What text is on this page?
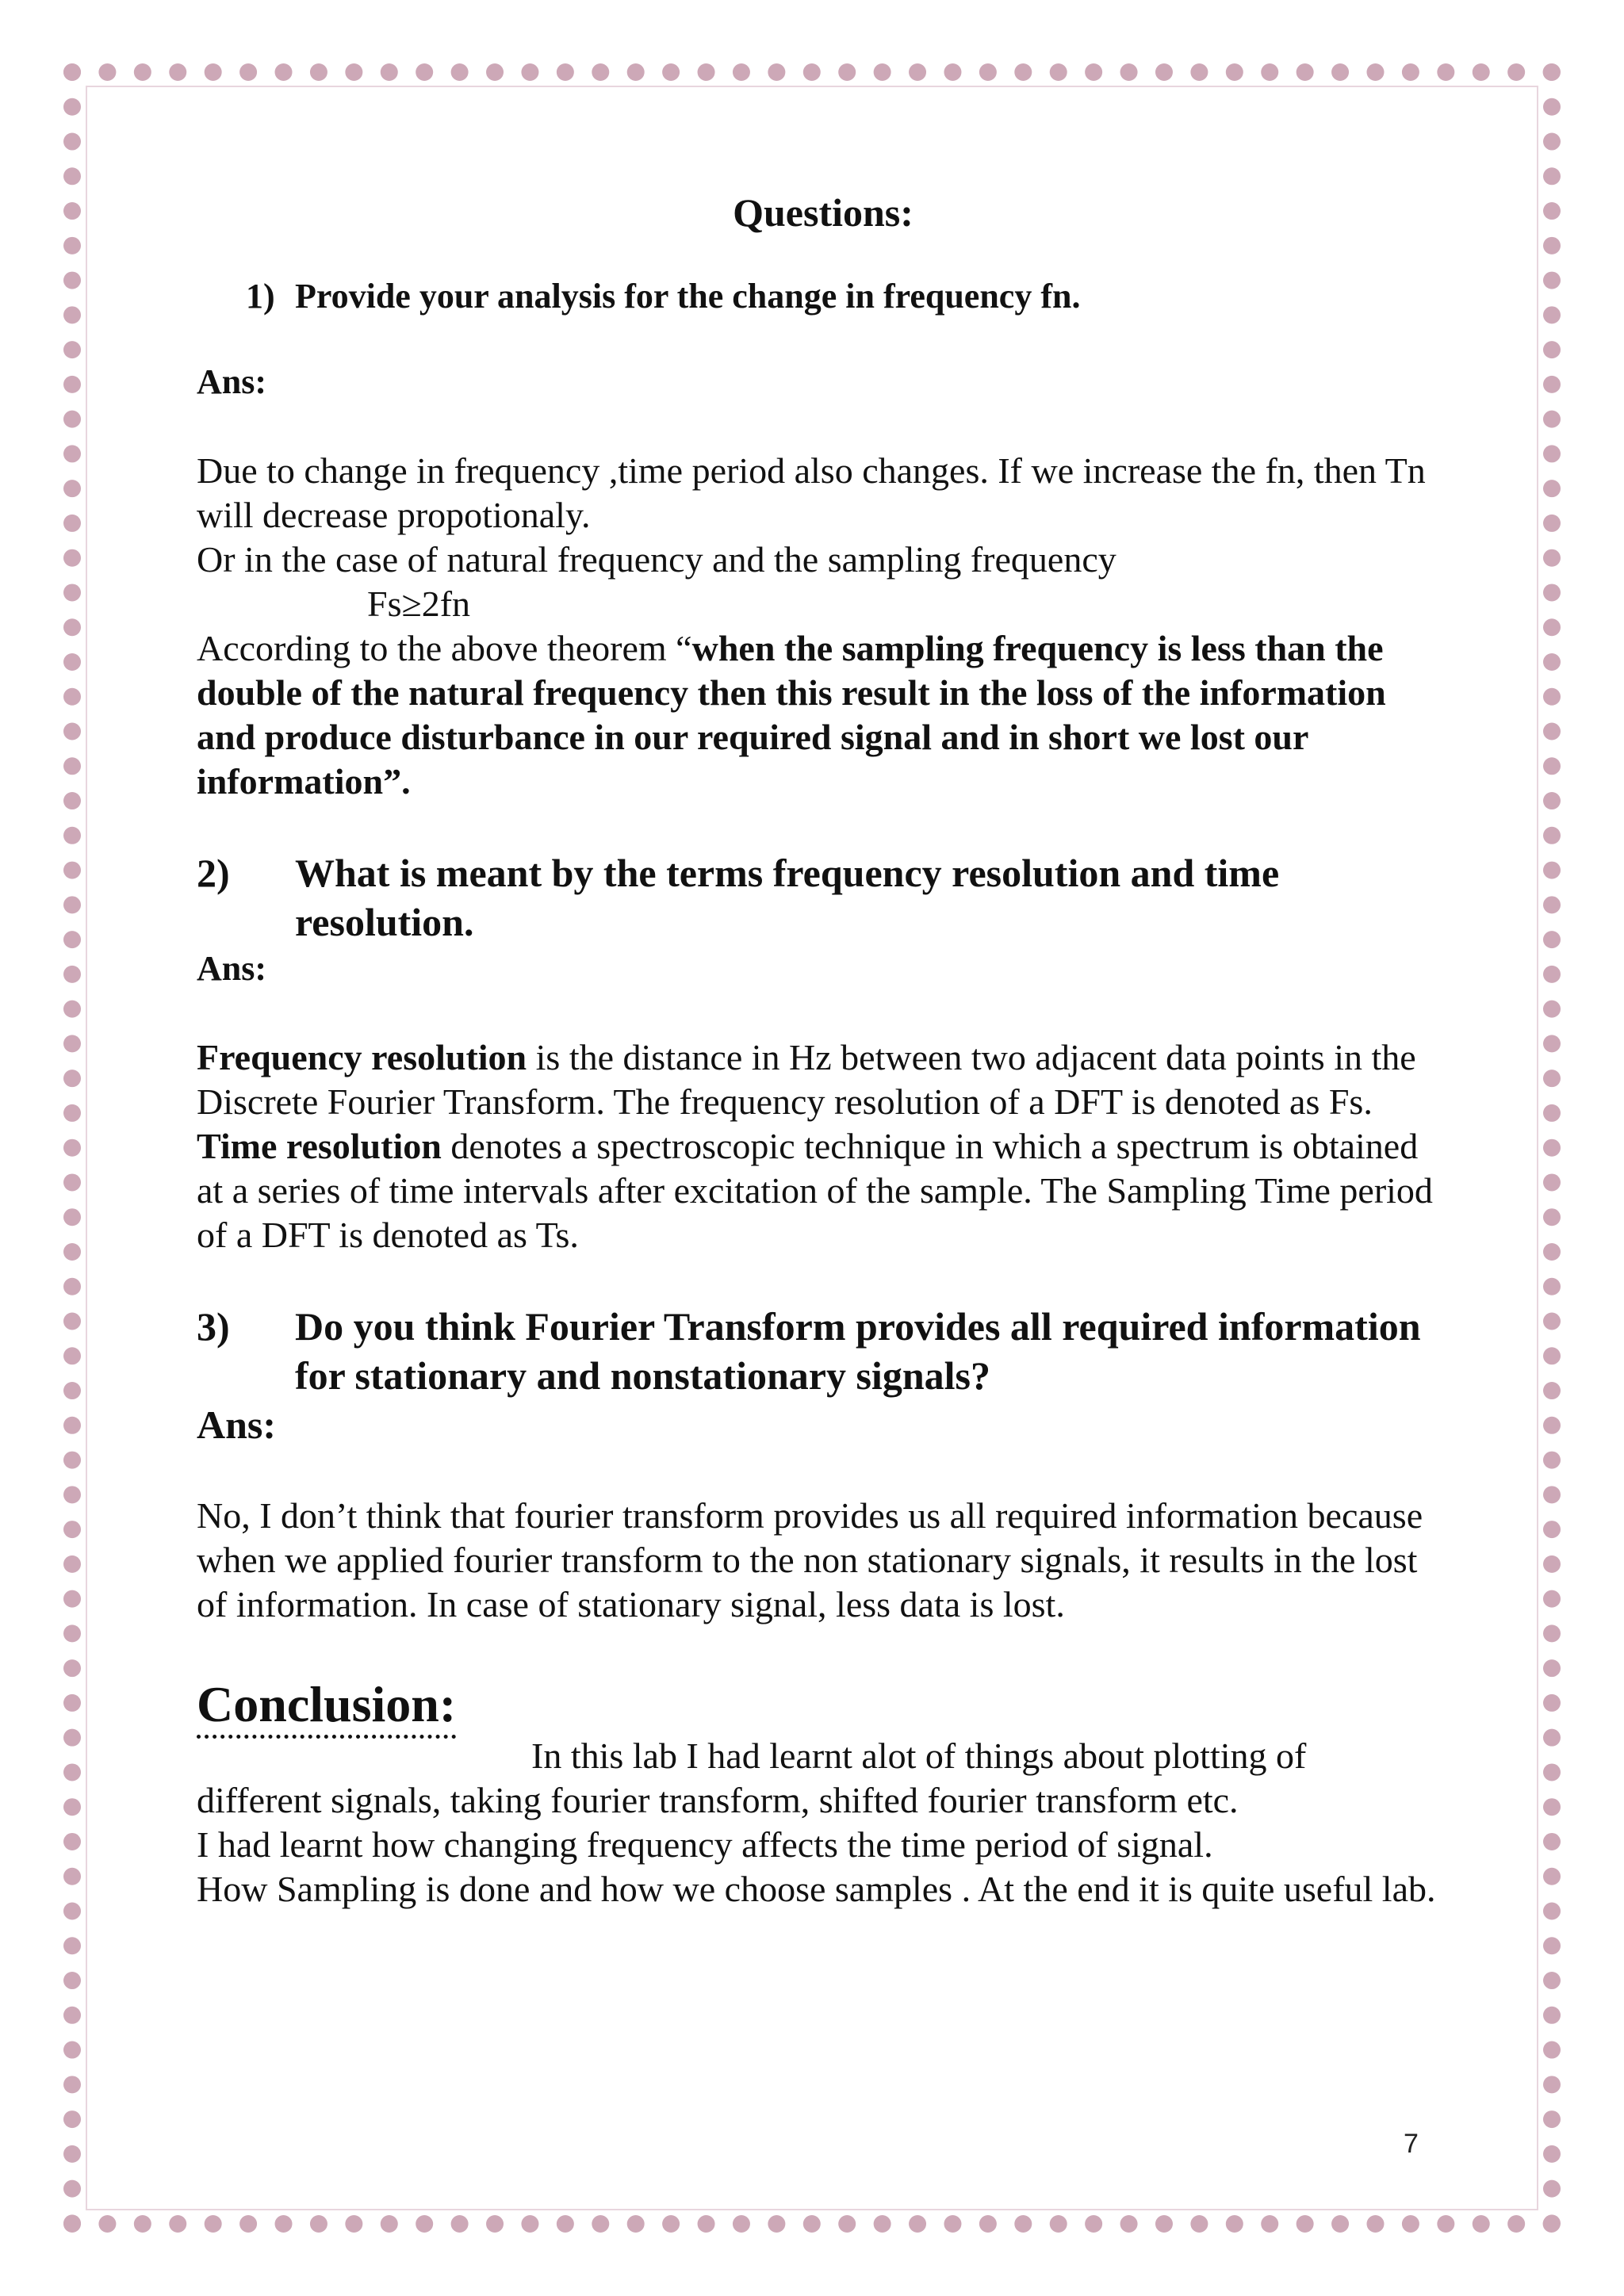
Questions:
1) Provide your analysis for the change in frequency fn.

Ans:

Due to change in frequency ,time period also changes. If we increase the fn, then Tn will decrease propotionaly.

Or in the case of natural frequency and the sampling frequency

Fs≥2fn

According to the above theorem “when the sampling frequency is less than the double of the natural frequency then this result in the loss of the information and produce disturbance in our required signal and in short we lost our information”.

2) What is meant by the terms frequency resolution and time resolution.

Ans:

Frequency resolution is the distance in Hz between two adjacent data points in the Discrete Fourier Transform. The frequency resolution of a DFT is denoted as Fs.

Time resolution denotes a spectroscopic technique in which a spectrum is obtained at a series of time intervals after excitation of the sample. The Sampling Time period of a DFT is denoted as Ts.

3) Do you think Fourier Transform provides all required information for stationary and nonstationary signals?

Ans:

No, I don’t think that fourier transform provides us all required information because when we applied fourier transform to the non stationary signals, it results in the lost of information. In case of stationary signal, less data is lost.

Conclusion:

In this lab I had learnt alot of things about plotting of

different signals, taking fourier transform, shifted fourier transform etc.

I had learnt how changing frequency affects the time period of signal.

How Sampling is done and how we choose samples . At the end it is quite useful lab.

7
